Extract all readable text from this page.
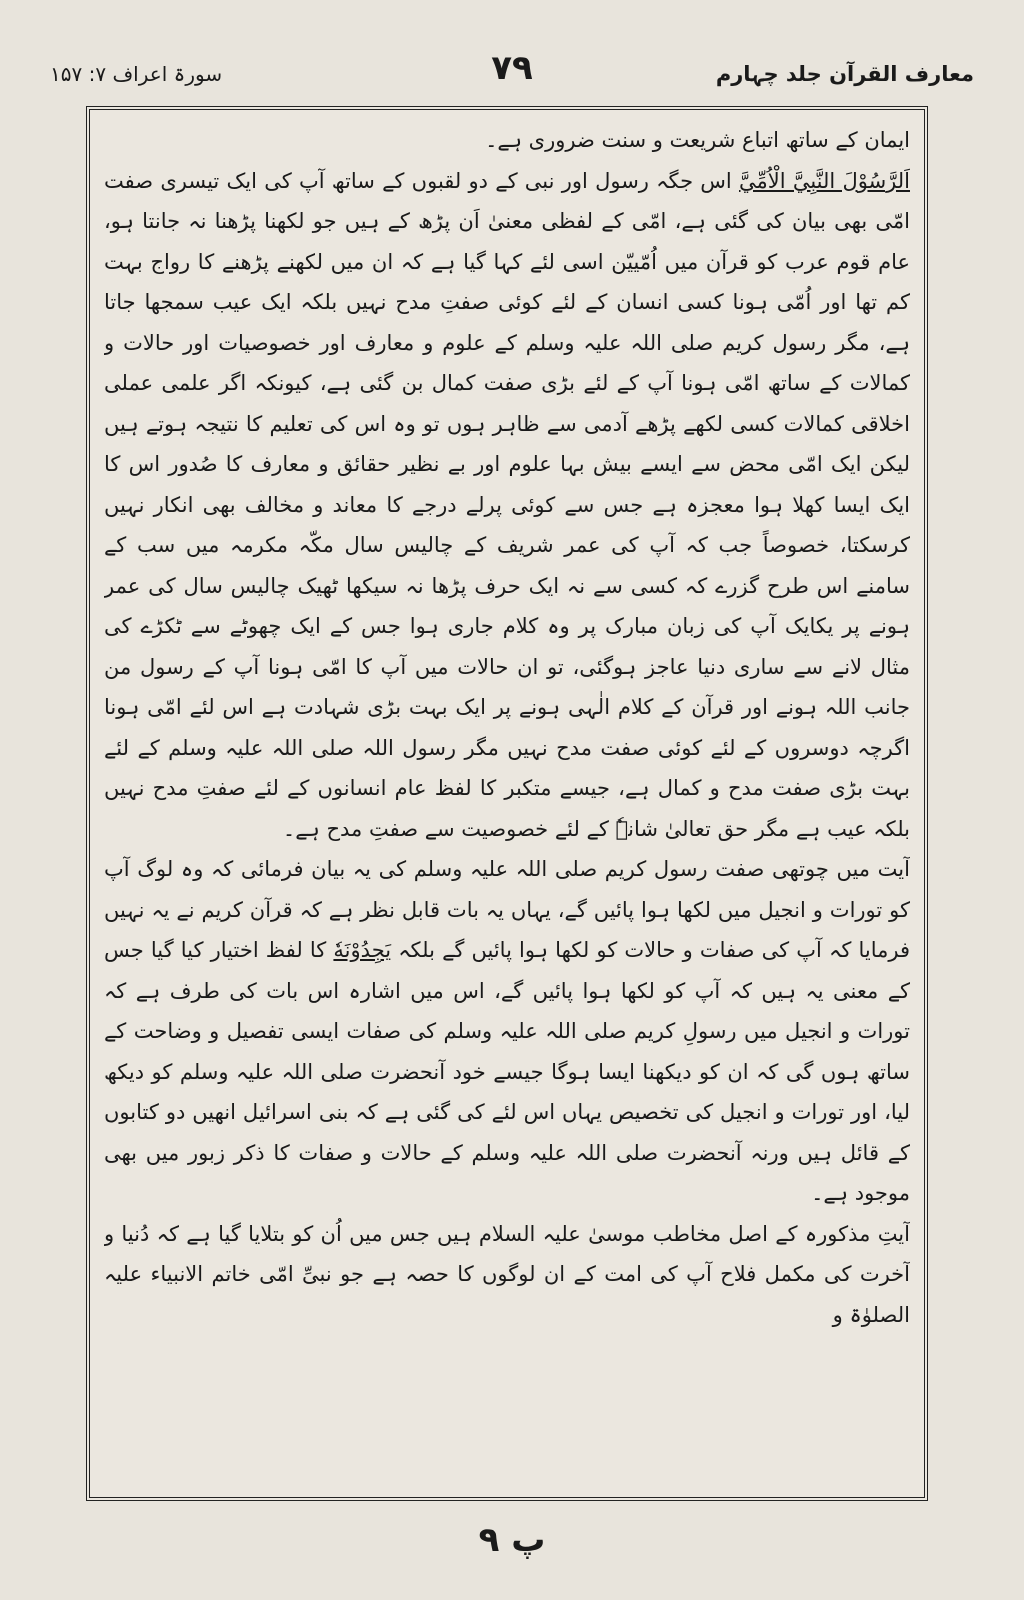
سورۃ اعراف ۷: ۱۵۷	۷۹	معارف القرآن جلد چہارم

ایمان کے ساتھ اتباع شریعت و سنت ضروری ہے۔

اَلرَّسُوْلَ النَّبِيَّ الْاُمِّيَّ اس جگہ رسول اور نبی کے دو لقبوں کے ساتھ آپ کی ایک تیسری صفت امّی بھی بیان کی گئی ہے، امّی کے لفظی معنیٰ اَن پڑھ کے ہیں جو لکھنا پڑھنا نہ جانتا ہو، عام قوم عرب کو قرآن میں اُمّییّن اسی لئے کہا گیا ہے کہ ان میں لکھنے پڑھنے کا رواج بہت کم تھا اور اُمّی ہونا کسی انسان کے لئے کوئی صفتِ مدح نہیں بلکہ ایک عیب سمجھا جاتا ہے، مگر رسول کریم صلی اللہ علیہ وسلم کے علوم و معارف اور خصوصیات اور حالات و کمالات کے ساتھ امّی ہونا آپ کے لئے بڑی صفت کمال بن گئی ہے، کیونکہ اگر علمی عملی اخلاقی کمالات کسی لکھے پڑھے آدمی سے ظاہر ہوں تو وہ اس کی تعلیم کا نتیجہ ہوتے ہیں لیکن ایک امّی محض سے ایسے بیش بہا علوم اور بے نظیر حقائق و معارف کا صُدور اس کا ایک ایسا کھلا ہوا معجزہ ہے جس سے کوئی پرلے درجے کا معاند و مخالف بھی انکار نہیں کرسکتا، خصوصاً جب کہ آپ کی عمر شریف کے چالیس سال مکّہ مکرمہ میں سب کے سامنے اس طرح گزرے کہ کسی سے نہ ایک حرف پڑھا نہ سیکھا ٹھیک چالیس سال کی عمر ہونے پر یکایک آپ کی زبان مبارک پر وہ کلام جاری ہوا جس کے ایک چھوٹے سے ٹکڑے کی مثال لانے سے ساری دنیا عاجز ہوگئی، تو ان حالات میں آپ کا امّی ہونا آپ کے رسول من جانب اللہ ہونے اور قرآن کے کلام الٰہی ہونے پر ایک بہت بڑی شہادت ہے اس لئے امّی ہونا اگرچہ دوسروں کے لئے کوئی صفت مدح نہیں مگر رسول اللہ صلی اللہ علیہ وسلم کے لئے بہت بڑی صفت مدح و کمال ہے، جیسے متکبر کا لفظ عام انسانوں کے لئے صفتِ مدح نہیں بلکہ عیب ہے مگر حق تعالیٰ شانہٗ کے لئے خصوصیت سے صفتِ مدح ہے۔

آیت میں چوتھی صفت رسول کریم صلی اللہ علیہ وسلم کی یہ بیان فرمائی کہ وہ لوگ آپ کو تورات و انجیل میں لکھا ہوا پائیں گے، یہاں یہ بات قابل نظر ہے کہ قرآن کریم نے یہ نہیں فرمایا کہ آپ کی صفات و حالات کو لکھا ہوا پائیں گے بلکہ يَجِدُوْنَهٗ کا لفظ اختیار کیا گیا جس کے معنی یہ ہیں کہ آپ کو لکھا ہوا پائیں گے، اس میں اشارہ اس بات کی طرف ہے کہ تورات و انجیل میں رسولِ کریم صلی اللہ علیہ وسلم کی صفات ایسی تفصیل و وضاحت کے ساتھ ہوں گی کہ ان کو دیکھنا ایسا ہوگا جیسے خود آنحضرت صلی اللہ علیہ وسلم کو دیکھ لیا، اور تورات و انجیل کی تخصیص یہاں اس لئے کی گئی ہے کہ بنی اسرائیل انھیں دو کتابوں کے قائل ہیں ورنہ آنحضرت صلی اللہ علیہ وسلم کے حالات و صفات کا ذکر زبور میں بھی موجود ہے۔

آیتِ مذکورہ کے اصل مخاطب موسیٰ علیہ السلام ہیں جس میں اُن کو بتلایا گیا ہے کہ دُنیا و آخرت کی مکمل فلاح آپ کی امت کے ان لوگوں کا حصہ ہے جو نبیِّ امّی خاتم الانبیاء علیہ الصلوٰۃ و

۹ پ
